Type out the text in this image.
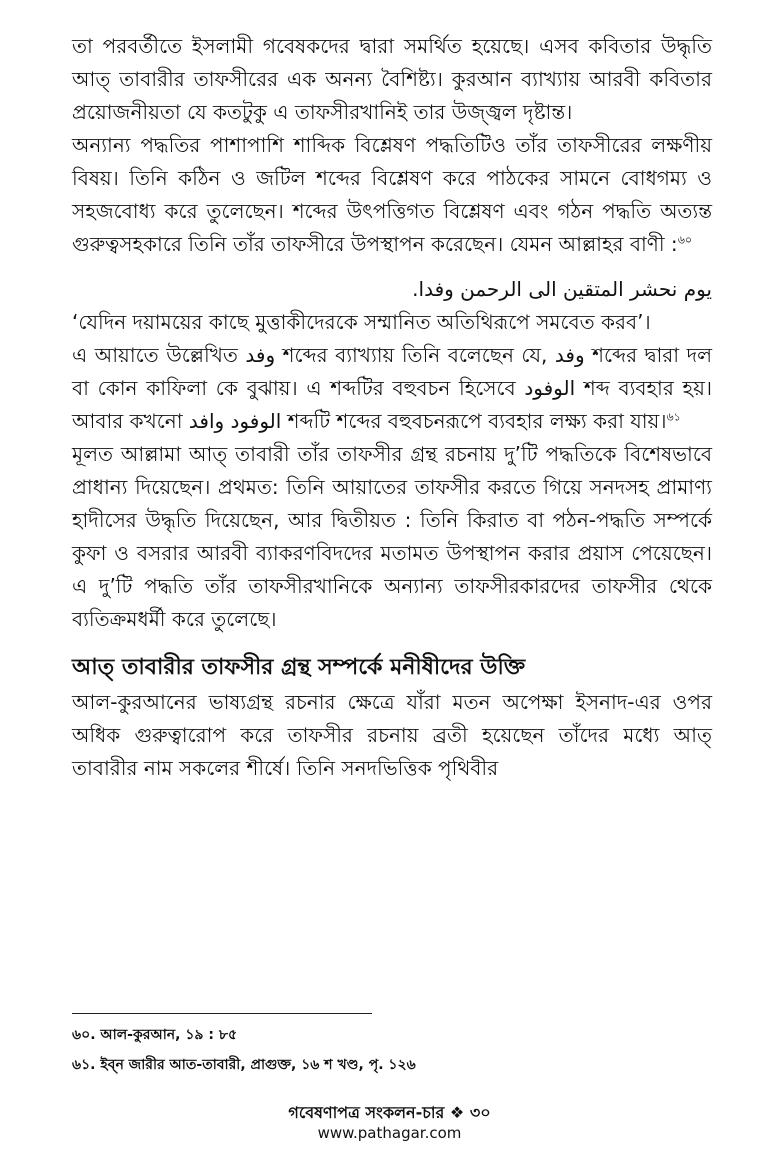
তা পরবর্তীতে ইসলামী গবেষকদের দ্বারা সমর্থিত হয়েছে। এসব কবিতার উদ্ধৃতি আত্ তাবারীর তাফসীরের এক অনন্য বৈশিষ্ট্য। কুরআন ব্যাখ্যায় আরবী কবিতার প্রয়োজনীয়তা যে কতটুকু এ তাফসীরখানিই তার উজ্জ্বল দৃষ্টান্ত।

অন্যান্য পদ্ধতির পাশাপাশি শাব্দিক বিশ্লেষণ পদ্ধতিটিও তাঁর তাফসীরের লক্ষণীয় বিষয়। তিনি কঠিন ও জটিল শব্দের বিশ্লেষণ করে পাঠকের সামনে বোধগম্য ও সহজবোধ্য করে তুলেছেন। শব্দের উৎপত্তিগত বিশ্লেষণ এবং গঠন পদ্ধতি অত্যন্ত গুরুত্বসহকারে তিনি তাঁর তাফসীরে উপস্থাপন করেছেন। যেমন আল্লাহর বাণী :$^{৬০}$

يوم نحشر المتقين الى الرحمن وفدا.

‘যেদিন দয়াময়ের কাছে মুত্তাকীদেরকে সম্মানিত অতিথিরূপে সমবেত করব’।

এ আয়াতে উল্লেখিত وفد শব্দের ব্যাখ্যায় তিনি বলেছেন যে, وفد শব্দের দ্বারা দল বা কোন কাফিলা কে বুঝায়। এ শব্দটির বহুবচন হিসেবে الوفود শব্দ ব্যবহার হয়। আবার কখনো الوفود وافد শব্দটি শব্দের বহুবচনরূপে ব্যবহার লক্ষ্য করা যায়।$^{৬১}$

মূলত আল্লামা আত্ তাবারী তাঁর তাফসীর গ্রন্থ রচনায় দু’টি পদ্ধতিকে বিশেষভাবে প্রাধান্য দিয়েছেন। প্রথমত: তিনি আয়াতের তাফসীর করতে গিয়ে সনদসহ প্রামাণ্য হাদীসের উদ্ধৃতি দিয়েছেন, আর দ্বিতীয়ত : তিনি কিরাত বা পঠন-পদ্ধতি সম্পর্কে কুফা ও বসরার আরবী ব্যাকরণবিদদের মতামত উপস্থাপন করার প্রয়াস পেয়েছেন। এ দু’টি পদ্ধতি তাঁর তাফসীরখানিকে অন্যান্য তাফসীরকারদের তাফসীর থেকে ব্যতিক্রমধর্মী করে তুলেছে।

আত্ তাবারীর তাফসীর গ্রন্থ সম্পর্কে মনীষীদের উক্তি

আল-কুরআনের ভাষ্যগ্রন্থ রচনার ক্ষেত্রে যাঁরা মতন অপেক্ষা ইসনাদ-এর ওপর অধিক গুরুত্বারোপ করে তাফসীর রচনায় ব্রতী হয়েছেন তাঁদের মধ্যে আত্ তাবারীর নাম সকলের শীর্ষে। তিনি সনদভিত্তিক পৃথিবীর

৬০. আল-কুরআন, ১৯ : ৮৫
৬১. ইব্ন জারীর আত-তাবারী, প্রাগুক্ত, ১৬ শ খণ্ড, পৃ. ১২৬
গবেষণাপত্র সংকলন-চার ❖ ৩০
www.pathagar.com
